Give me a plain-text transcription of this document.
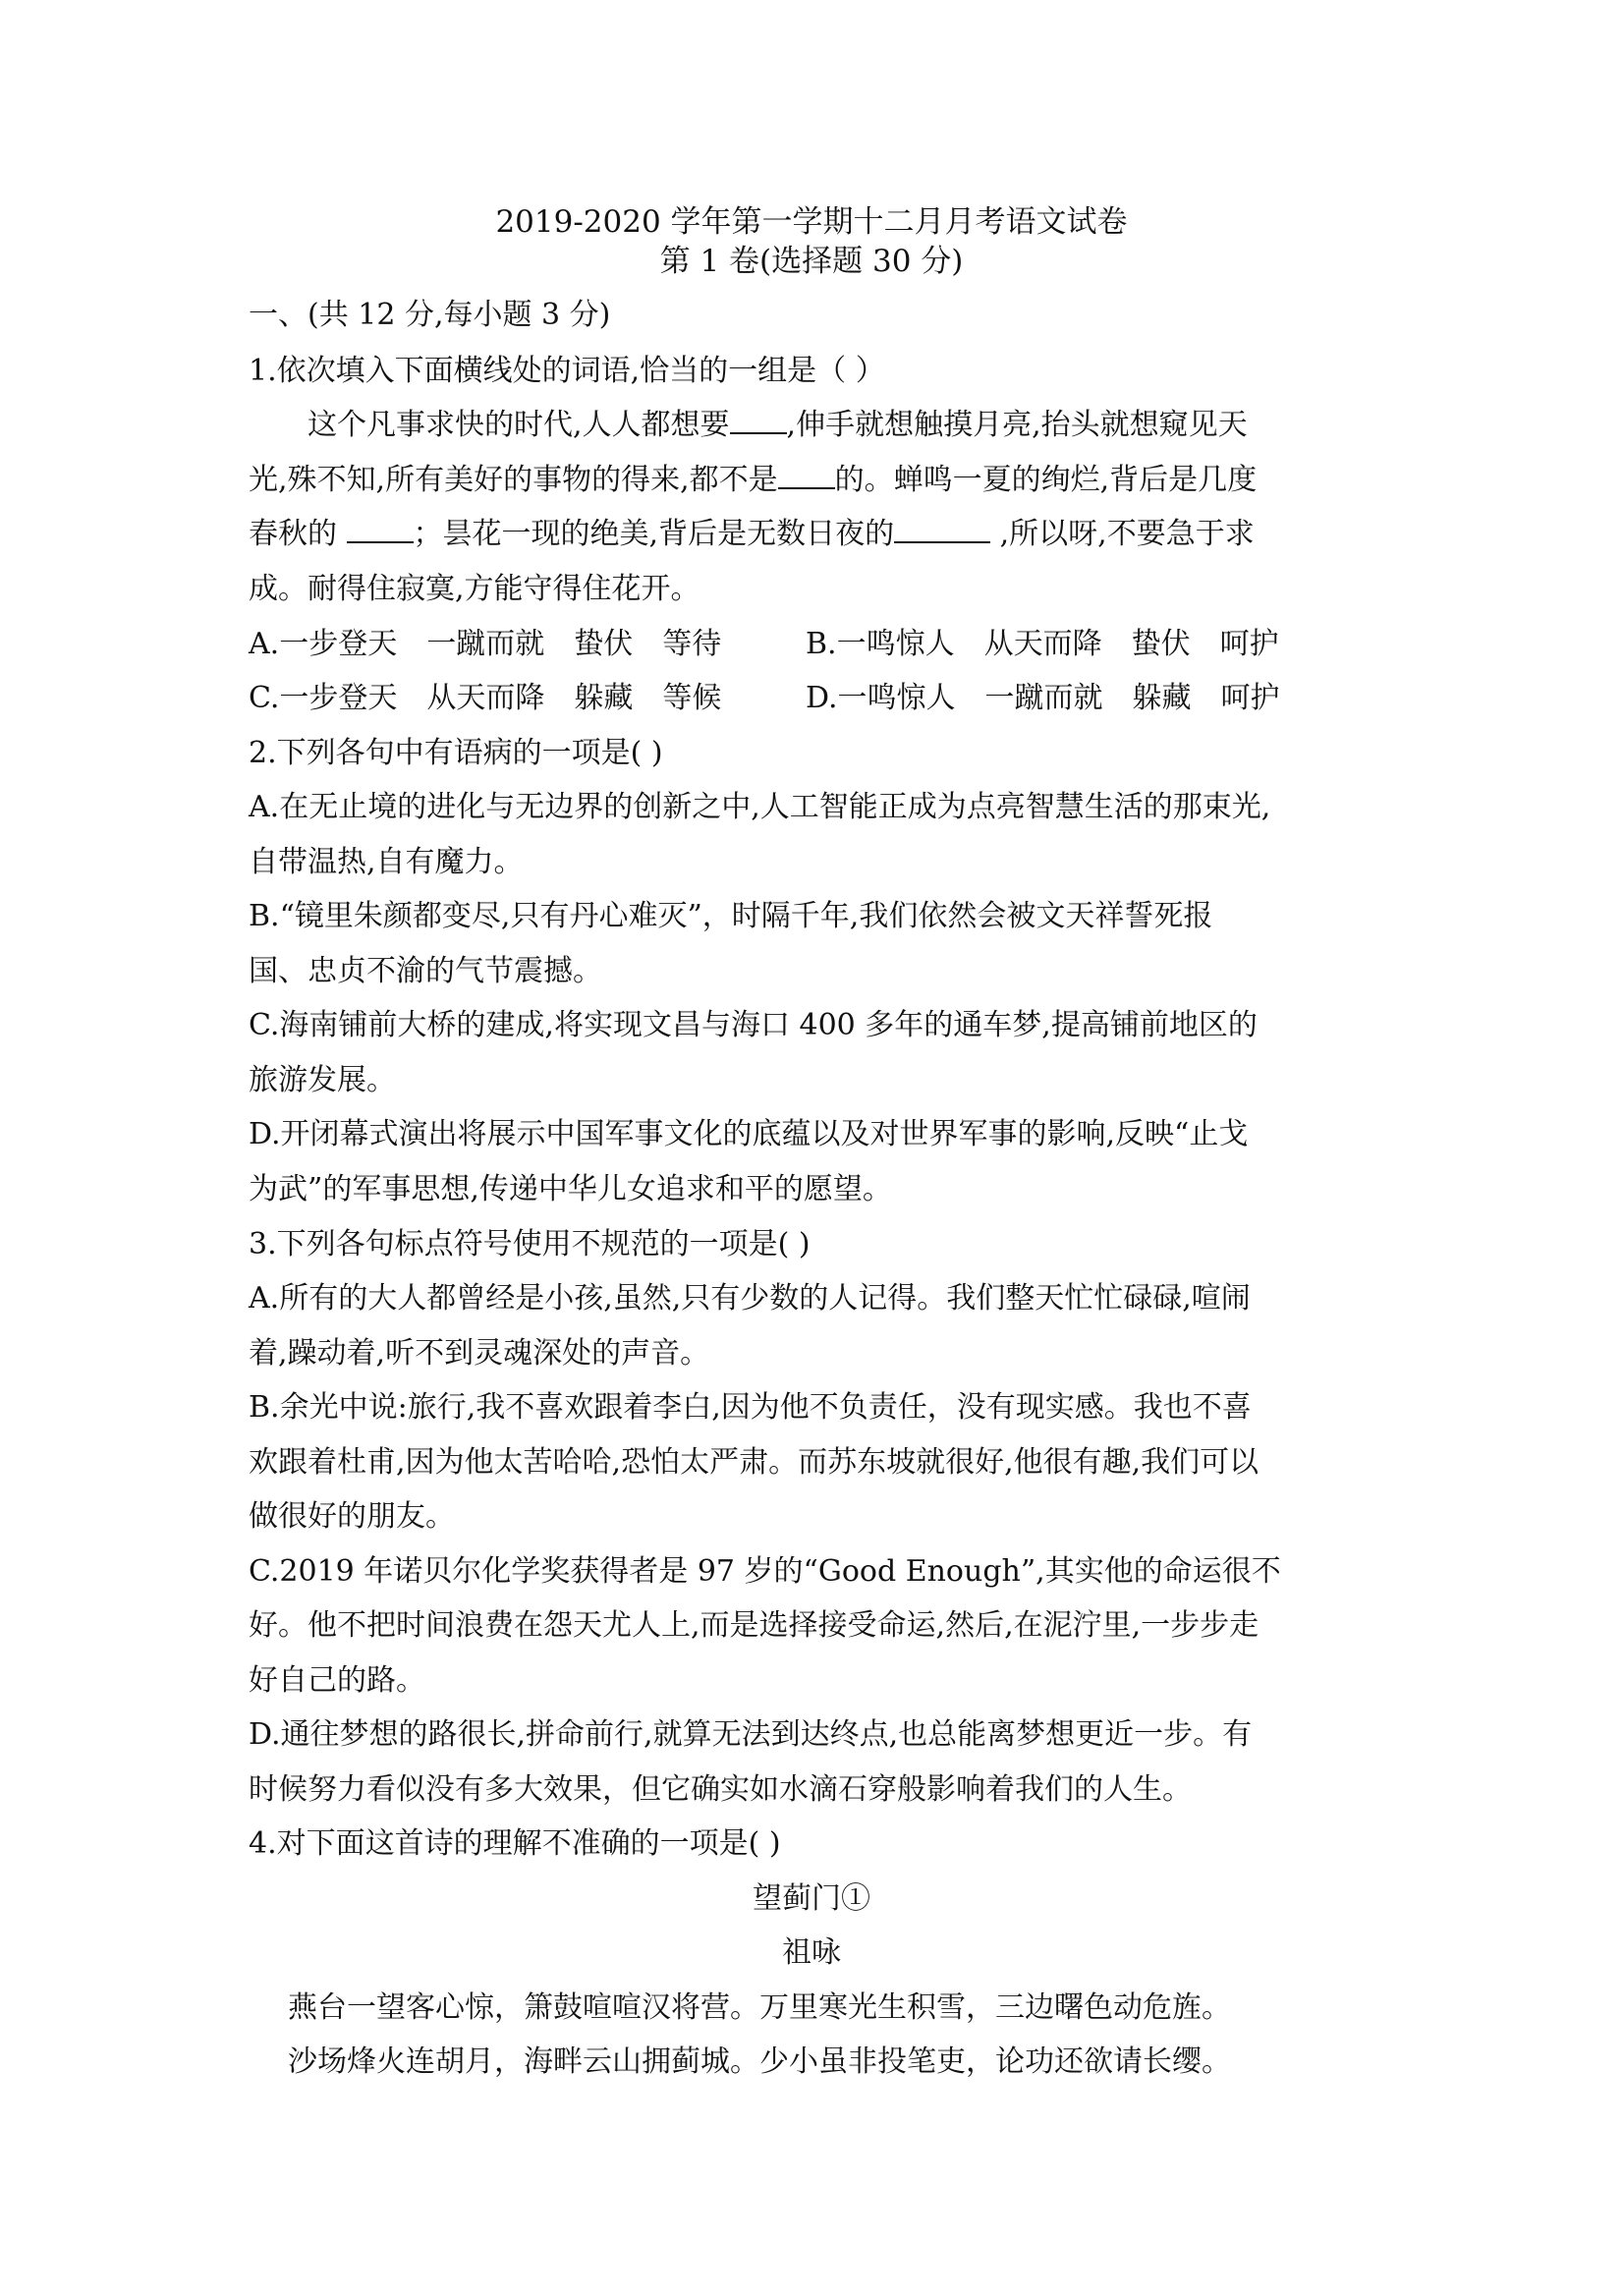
2019-2020 学年第一学期十二月月考语文试卷
第 1 卷(选择题 30 分)
一、(共 12 分,每小题 3 分)
1.依次填入下面横线处的词语,恰当的一组是（ ）
这个凡事求快的时代,人人都想要 ,伸手就想触摸月亮,抬头就想窥见天
光,殊不知,所有美好的事物的得来,都不是 的。蝉鸣一夏的绚烂,背后是几度
春秋的 ；昙花一现的绝美,背后是无数日夜的	,所以呀,不要急于求
成。耐得住寂寞,方能守得住花开。
A.一步登天　一蹴而就　蛰伏　等待	B.一鸣惊人　从天而降　蛰伏　呵护
C.一步登天　从天而降　躲藏　等候	D.一鸣惊人　一蹴而就　躲藏　呵护
2.下列各句中有语病的一项是( )
A.在无止境的进化与无边界的创新之中,人工智能正成为点亮智慧生活的那束光,
自带温热,自有魔力。
B.“镜里朱颜都变尽,只有丹心难灭”，时隔千年,我们依然会被文天祥誓死报
国、忠贞不渝的气节震撼。
C.海南铺前大桥的建成,将实现文昌与海口 400 多年的通车梦,提高铺前地区的
旅游发展。
D.开闭幕式演出将展示中国军事文化的底蕴以及对世界军事的影响,反映“止戈
为武”的军事思想,传递中华儿女追求和平的愿望。
3.下列各句标点符号使用不规范的一项是( )
A.所有的大人都曾经是小孩,虽然,只有少数的人记得。我们整天忙忙碌碌,喧闹
着,躁动着,听不到灵魂深处的声音。
B.余光中说:旅行,我不喜欢跟着李白,因为他不负责任，没有现实感。我也不喜
欢跟着杜甫,因为他太苦哈哈,恐怕太严肃。而苏东坡就很好,他很有趣,我们可以
做很好的朋友。
C.2019 年诺贝尔化学奖获得者是 97 岁的“Good Enough”,其实他的命运很不
好。他不把时间浪费在怨天尤人上,而是选择接受命运,然后,在泥泞里,一步步走
好自己的路。
D.通往梦想的路很长,拼命前行,就算无法到达终点,也总能离梦想更近一步。有
时候努力看似没有多大效果，但它确实如水滴石穿般影响着我们的人生。
4.对下面这首诗的理解不准确的一项是( )
望蓟门①
祖咏
燕台一望客心惊，箫鼓喧喧汉将营。万里寒光生积雪，三边曙色动危旌。
沙场烽火连胡月，海畔云山拥蓟城。少小虽非投笔吏，论功还欲请长缨。
